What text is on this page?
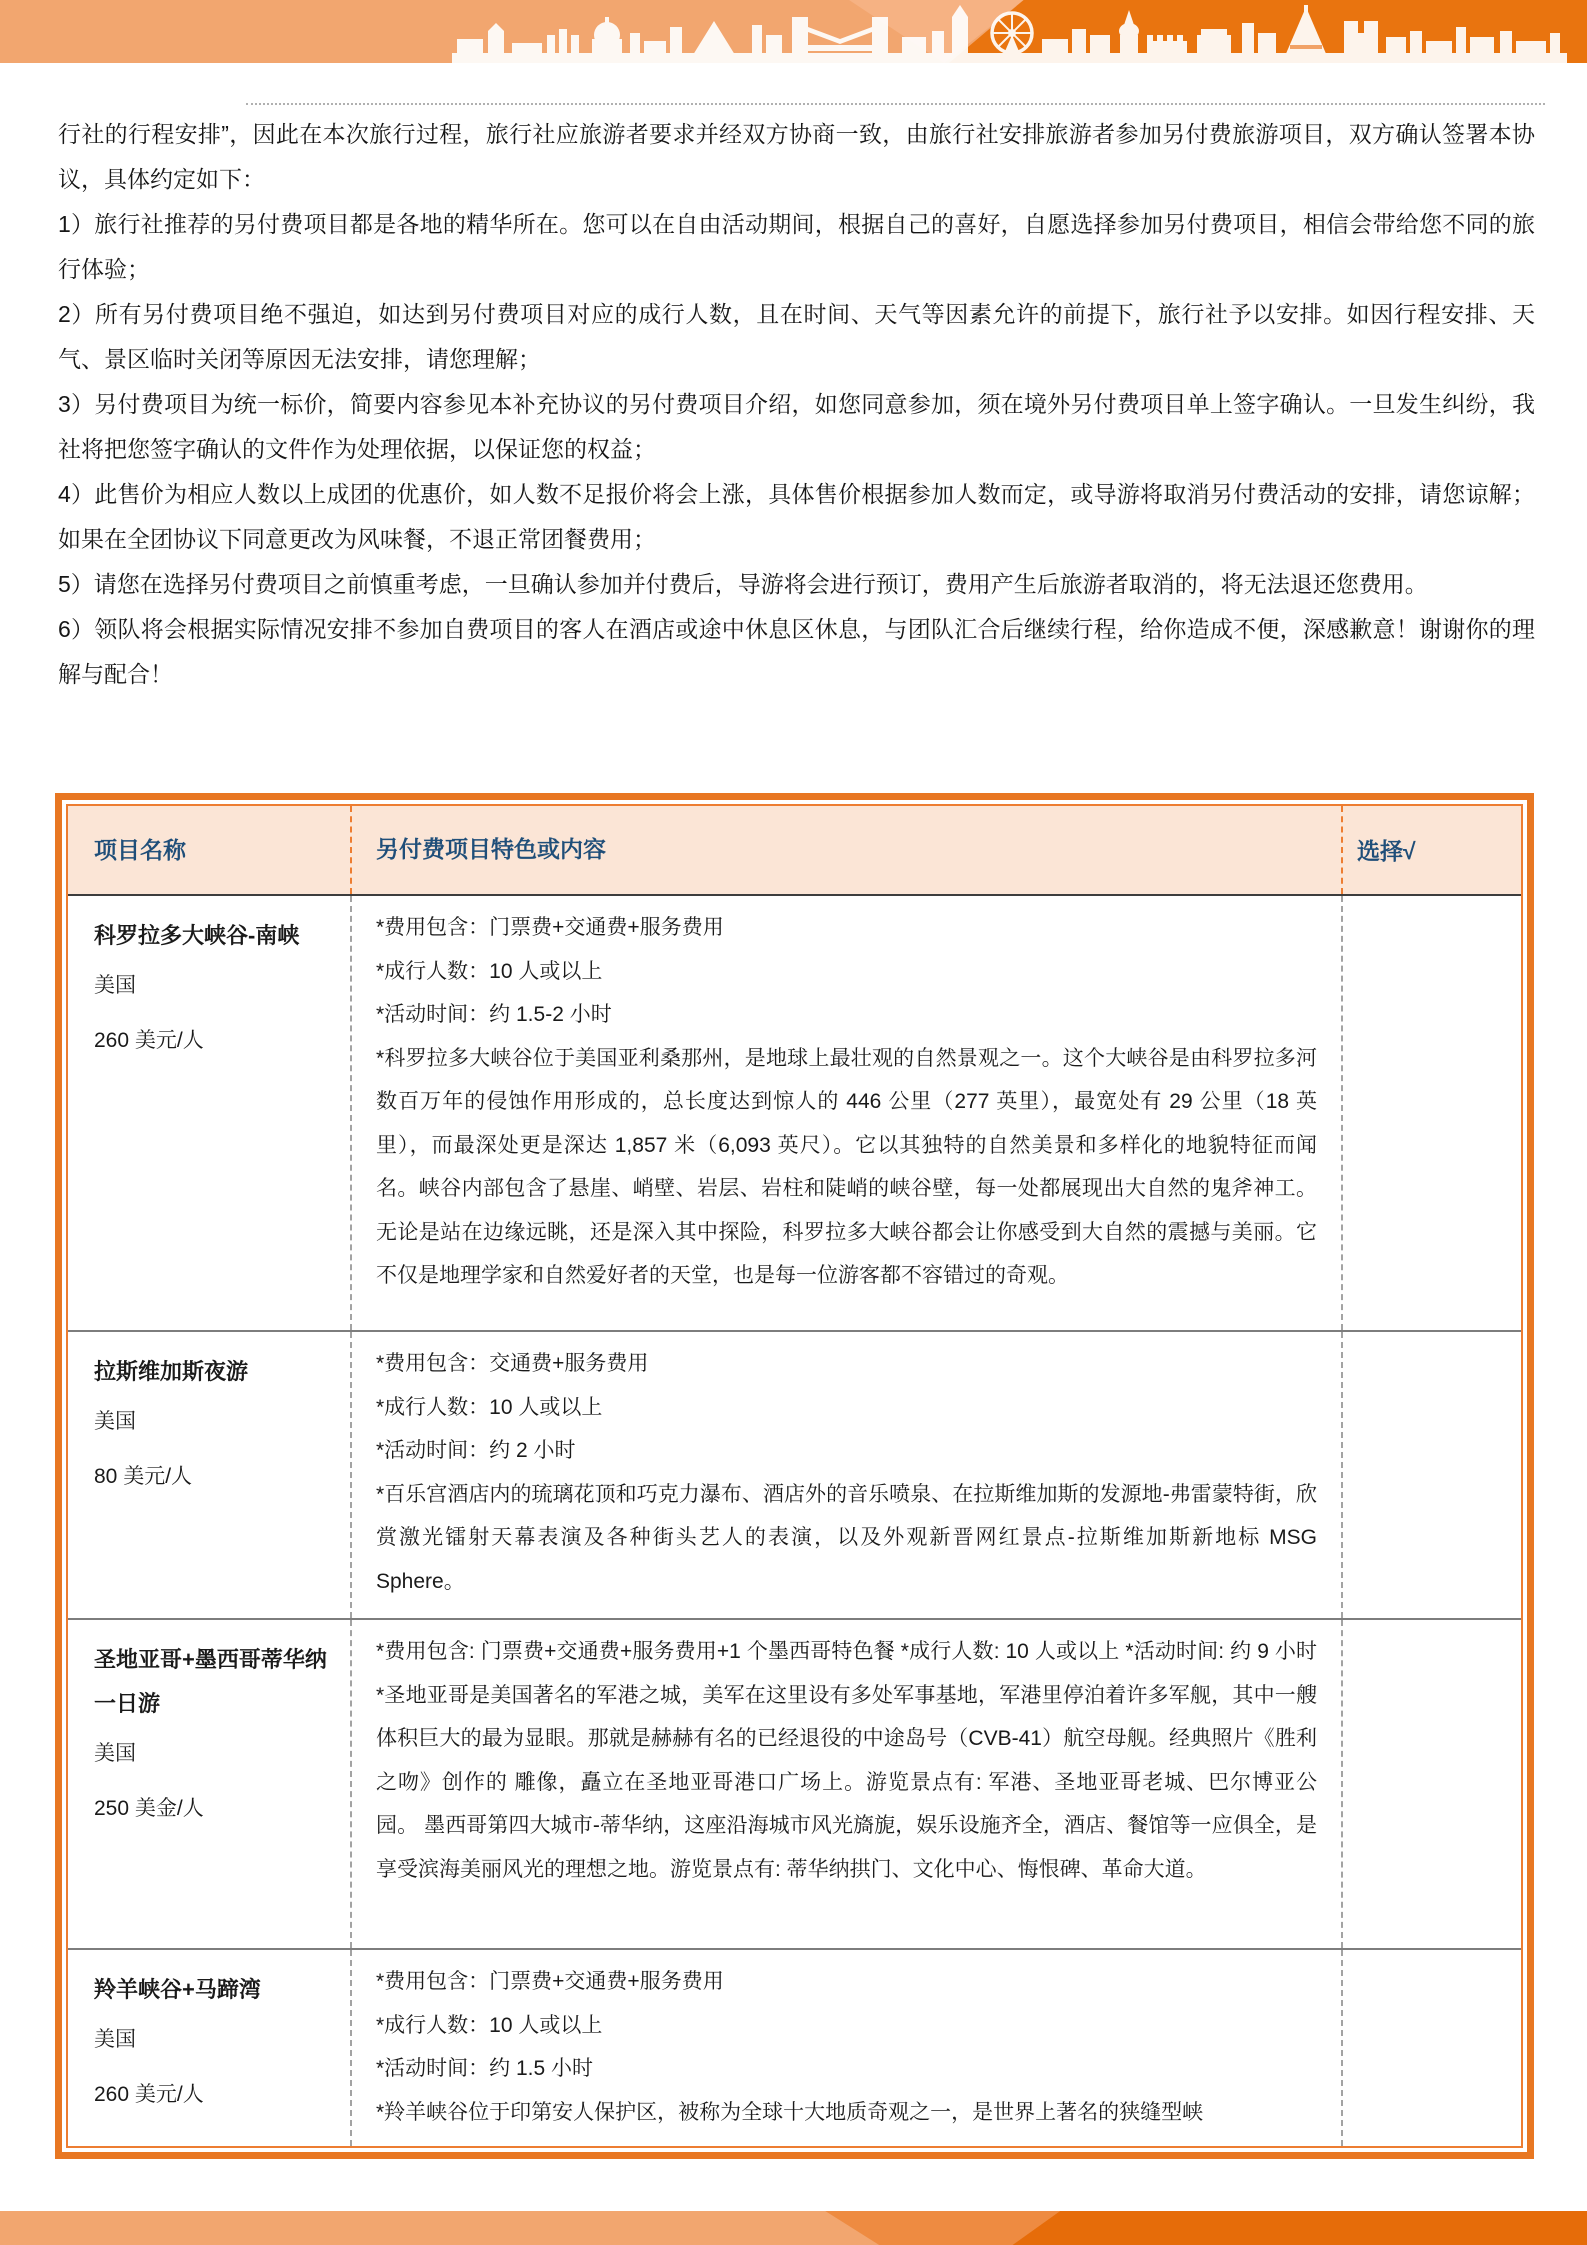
行社的行程安排”，因此在本次旅行过程，旅行社应旅游者要求并经双方协商一致，由旅行社安排旅游者参加另付费旅游项目，双方确认签署本协议，具体约定如下：

1）旅行社推荐的另付费项目都是各地的精华所在。您可以在自由活动期间，根据自己的喜好，自愿选择参加另付费项目，相信会带给您不同的旅行体验；

2）所有另付费项目绝不强迫，如达到另付费项目对应的成行人数，且在时间、天气等因素允许的前提下，旅行社予以安排。如因行程安排、天气、景区临时关闭等原因无法安排，请您理解；

3）另付费项目为统一标价，简要内容参见本补充协议的另付费项目介绍，如您同意参加，须在境外另付费项目单上签字确认。一旦发生纠纷，我社将把您签字确认的文件作为处理依据，以保证您的权益；

4）此售价为相应人数以上成团的优惠价，如人数不足报价将会上涨，具体售价根据参加人数而定，或导游将取消另付费活动的安排，请您谅解；如果在全团协议下同意更改为风味餐，不退正常团餐费用；

5）请您在选择另付费项目之前慎重考虑，一旦确认参加并付费后，导游将会进行预订，费用产生后旅游者取消的，将无法退还您费用。

6）领队将会根据实际情况安排不参加自费项目的客人在酒店或途中休息区休息，与团队汇合后继续行程，给你造成不便，深感歉意！谢谢你的理解与配合！

项目名称	另付费项目特色或内容	选择√

科罗拉多大峡谷-南峡

美国

260 美元/人

*费用包含：门票费+交通费+服务费用

*成行人数：10 人或以上

*活动时间：约 1.5-2 小时

*科罗拉多大峡谷位于美国亚利桑那州，是地球上最壮观的自然景观之一。这个大峡谷是由科罗拉多河数百万年的侵蚀作用形成的，总长度达到惊人的 446 公里（277 英里），最宽处有 29 公里（18 英里），而最深处更是深达 1,857 米（6,093 英尺）。它以其独特的自然美景和多样化的地貌特征而闻名。峡谷内部包含了悬崖、峭壁、岩层、岩柱和陡峭的峡谷壁，每一处都展现出大自然的鬼斧神工。无论是站在边缘远眺，还是深入其中探险，科罗拉多大峡谷都会让你感受到大自然的震撼与美丽。它不仅是地理学家和自然爱好者的天堂，也是每一位游客都不容错过的奇观。

拉斯维加斯夜游

美国

80 美元/人

*费用包含：交通费+服务费用

*成行人数：10 人或以上

*活动时间：约 2 小时

*百乐宫酒店内的琉璃花顶和巧克力瀑布、酒店外的音乐喷泉、在拉斯维加斯的发源地-弗雷蒙特街，欣赏激光镭射天幕表演及各种街头艺人的表演，以及外观新晋网红景点-拉斯维加斯新地标 MSG　Sphere。

圣地亚哥+墨西哥蒂华纳一日游

美国

250 美金/人

*费用包含: 门票费+交通费+服务费用+1 个墨西哥特色餐 *成行人数: 10 人或以上 *活动时间: 约 9 小时 *圣地亚哥是美国著名的军港之城，美军在这里设有多处军事基地，军港里停泊着许多军舰，其中一艘体积巨大的最为显眼。那就是赫赫有名的已经退役的中途岛号（CVB-41）航空母舰。经典照片《胜利之吻》创作的 雕像，矗立在圣地亚哥港口广场上。游览景点有: 军港、圣地亚哥老城、巴尔博亚公园。 墨西哥第四大城市-蒂华纳，这座沿海城市风光旖旎，娱乐设施齐全，酒店、餐馆等一应俱全，是享受滨海美丽风光的理想之地。游览景点有: 蒂华纳拱门、文化中心、悔恨碑、革命大道。

羚羊峡谷+马蹄湾

美国

260 美元/人

*费用包含：门票费+交通费+服务费用

*成行人数：10 人或以上

*活动时间：约 1.5 小时

*羚羊峡谷位于印第安人保护区，被称为全球十大地质奇观之一，是世界上著名的狭缝型峡
